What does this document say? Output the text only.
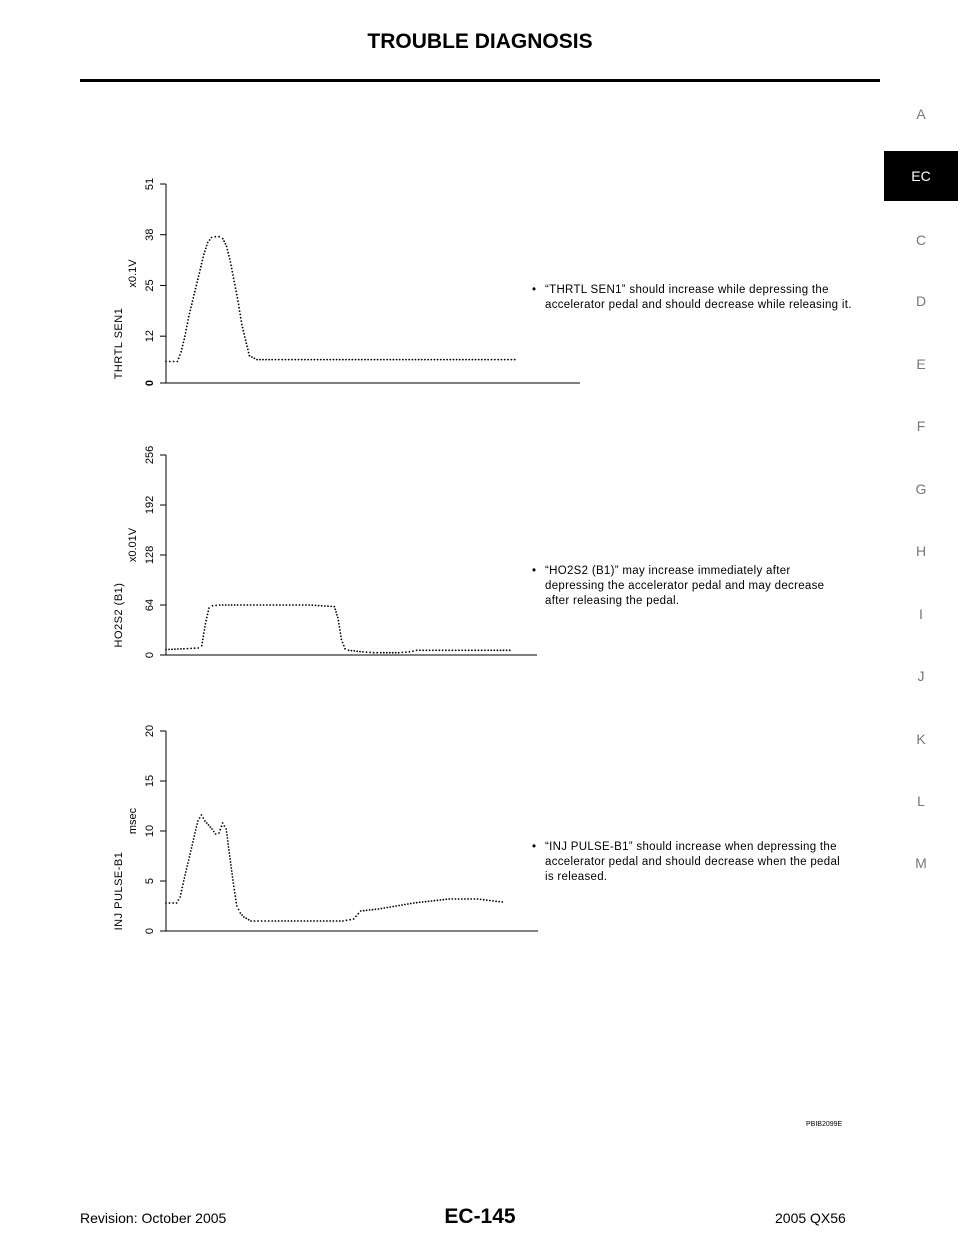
TROUBLE DIAGNOSIS
A
EC
C
D
E
F
G
H
I
J
K
L
M
0
12
25
38
51
THRTL SEN1
x0.1V
0
64
128
192
256
HO2S2 (B1)
x0.01V
0
5
10
15
20
INJ PULSE-B1
msec
• “THRTL SEN1” should increase while depressing the accelerator pedal and should decrease while releasing it.
• “HO2S2 (B1)” may increase immediately after depressing the accelerator pedal and may decrease after releasing the pedal.
• “INJ PULSE-B1” should increase when depressing the accelerator pedal and should decrease when the pedal is released.
PBIB2099E
Revision: October 2005	EC-145	2005 QX56
